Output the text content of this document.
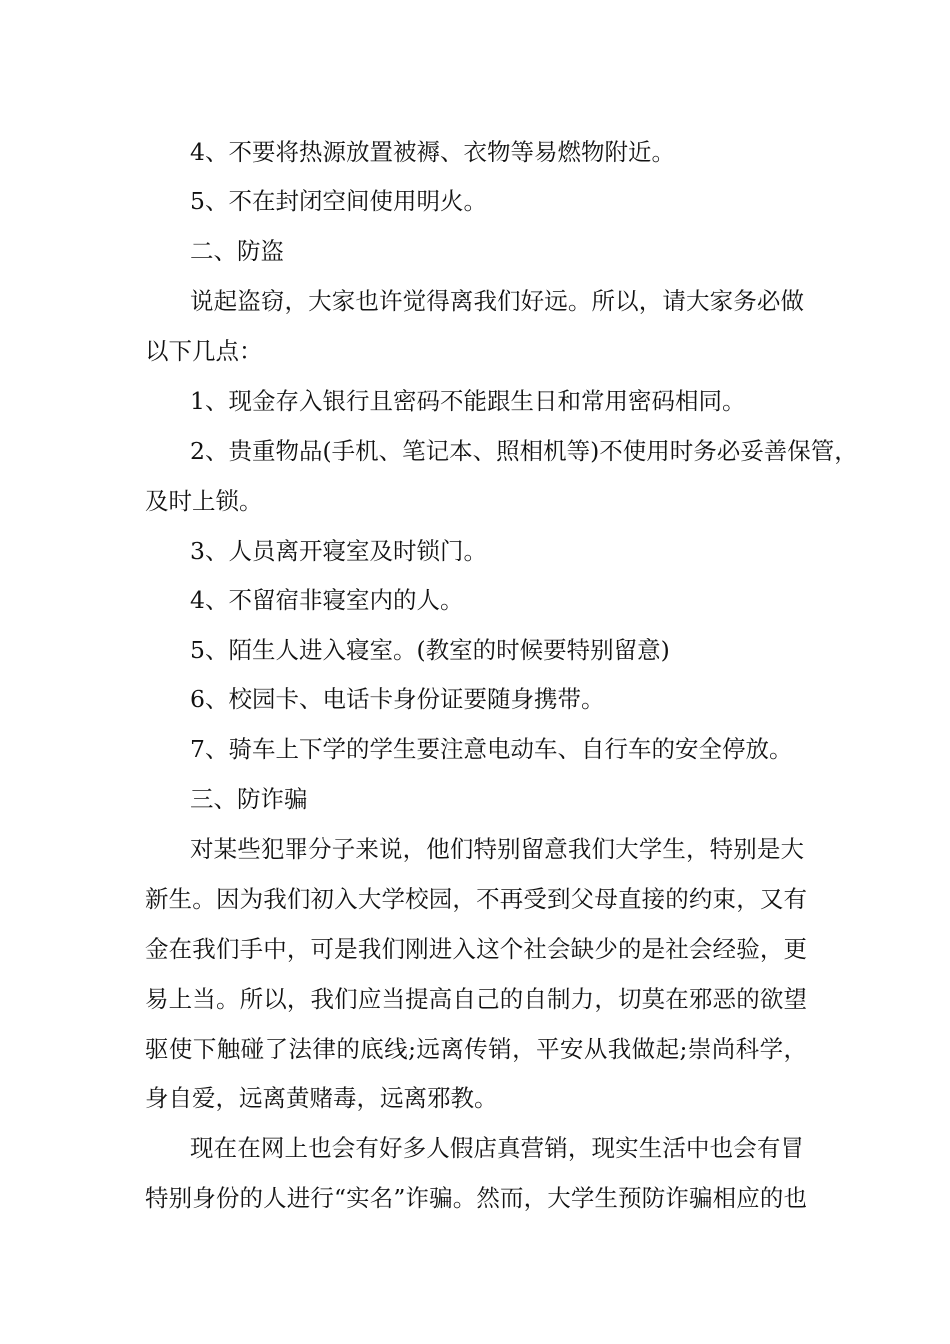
4、不要将热源放置被褥、衣物等易燃物附近。
5、不在封闭空间使用明火。
二、防盗
说起盗窃，大家也许觉得离我们好远。所以，请大家务必做
以下几点：
1、现金存入银行且密码不能跟生日和常用密码相同。
2、贵重物品(手机、笔记本、照相机等)不使用时务必妥善保管，
及时上锁。
3、人员离开寝室及时锁门。
4、不留宿非寝室内的人。
5、陌生人进入寝室。(教室的时候要特别留意)
6、校园卡、电话卡身份证要随身携带。
7、骑车上下学的学生要注意电动车、自行车的安全停放。
三、防诈骗
对某些犯罪分子来说，他们特别留意我们大学生，特别是大
新生。因为我们初入大学校园，不再受到父母直接的约束，又有
金在我们手中，可是我们刚进入这个社会缺少的是社会经验，更
易上当。所以，我们应当提高自己的自制力，切莫在邪恶的欲望
驱使下触碰了法律的底线;远离传销，平安从我做起;崇尚科学，
身自爱，远离黄赌毒，远离邪教。
现在在网上也会有好多人假店真营销，现实生活中也会有冒
特别身份的人进行“实名”诈骗。然而，大学生预防诈骗相应的也
